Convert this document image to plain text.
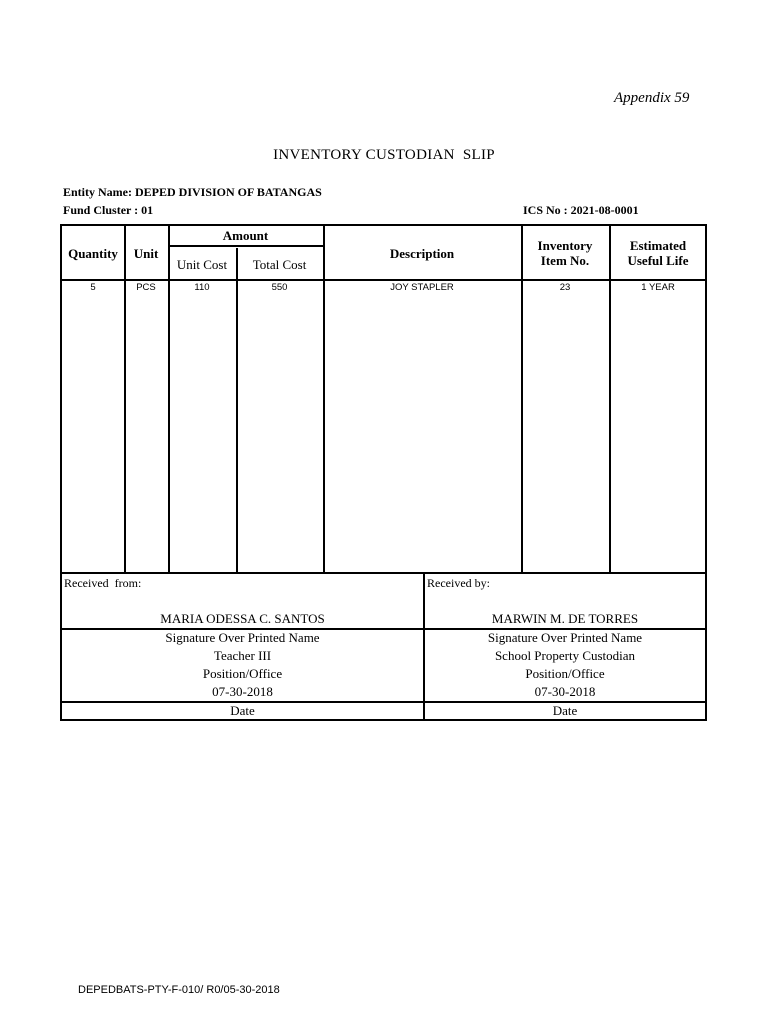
Appendix 59
INVENTORY CUSTODIAN  SLIP
Entity Name: DEPED DIVISION OF BATANGAS
Fund Cluster : 01	ICS No : 2021-08-0001
Quantity	Unit
Amount
Unit Cost	Total Cost
Description
Inventory
Item No.
Estimated
Useful Life
5	PCS	110	550	JOY STAPLER	23	1 YEAR
Received  from:
MARIA ODESSA C. SANTOS
Signature Over Printed Name
Teacher III
Position/Office
07-30-2018
Date
Received by:
MARWIN M. DE TORRES
Signature Over Printed Name
School Property Custodian
Position/Office
07-30-2018
Date
DEPEDBATS-PTY-F-010/ R0/05-30-2018
